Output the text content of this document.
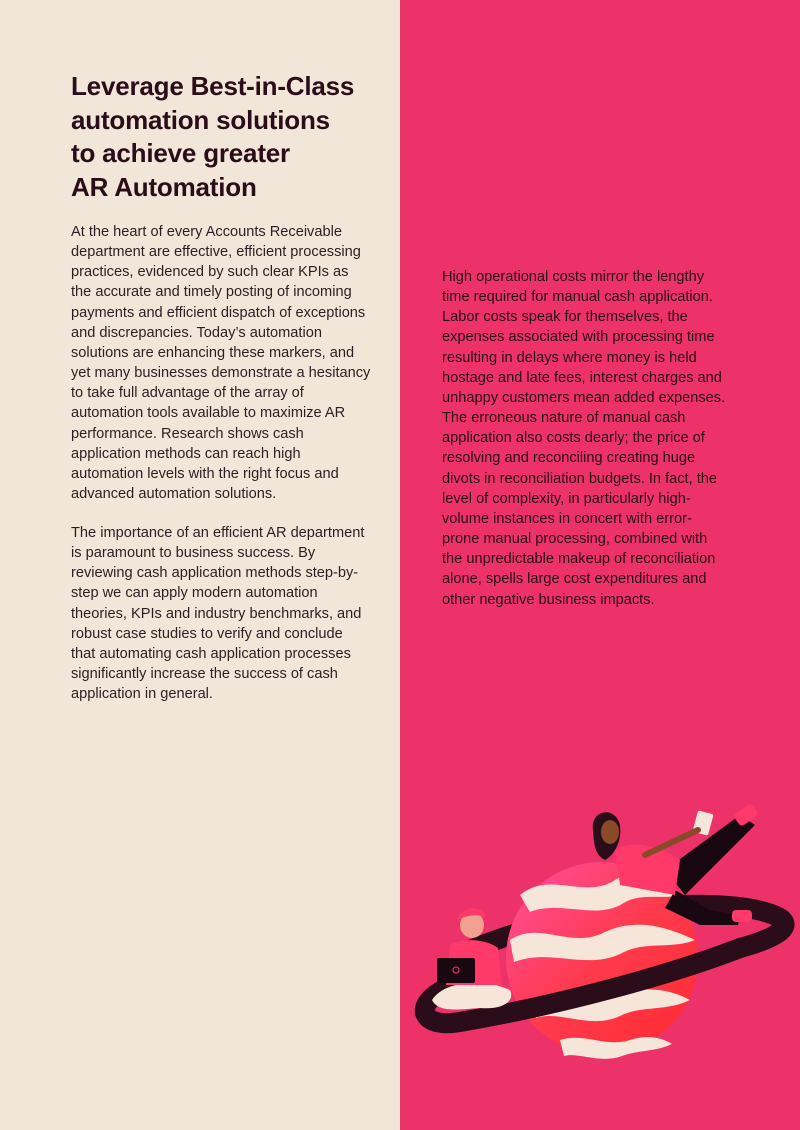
Leverage Best-in-Class
automation solutions
to achieve greater
AR Automation

At the heart of every Accounts Receivable
department are effective, efficient processing
practices, evidenced by such clear KPIs as
the accurate and timely posting of incoming
payments and efficient dispatch of exceptions
and discrepancies. Today’s automation
solutions are enhancing these markers, and
yet many businesses demonstrate a hesitancy
to take full advantage of the array of
automation tools available to maximize AR
performance. Research shows cash
application methods can reach high
automation levels with the right focus and
advanced automation solutions.

The importance of an efficient AR department
is paramount to business success. By
reviewing cash application methods step-by-
step we can apply modern automation
theories, KPIs and industry benchmarks, and
robust case studies to verify and conclude
that automating cash application processes
significantly increase the success of cash
application in general.

High operational costs mirror the lengthy
time required for manual cash application.
Labor costs speak for themselves, the
expenses associated with processing time
resulting in delays where money is held
hostage and late fees, interest charges and
unhappy customers mean added expenses.
The erroneous nature of manual cash
application also costs dearly; the price of
resolving and reconciling creating huge
divots in reconciliation budgets. In fact, the
level of complexity, in particularly high-
volume instances in concert with error-
prone manual processing, combined with
the unpredictable makeup of reconciliation
alone, spells large cost expenditures and
other negative business impacts.
